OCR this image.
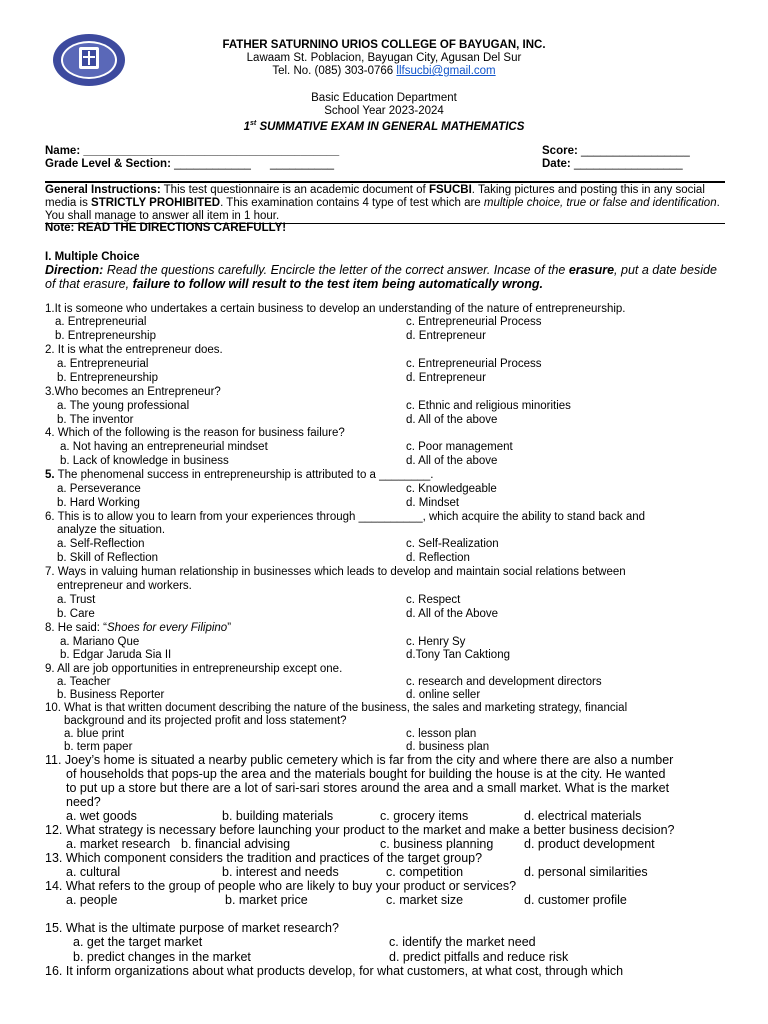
FATHER SATURNINO URIOS COLLEGE OF BAYUGAN, INC.
Lawaam St. Poblacion, Bayugan City, Agusan Del Sur
Tel. No. (085) 303-0766 llfsucbi@gmail.com
Basic Education Department
School Year 2023-2024
1st SUMMATIVE EXAM IN GENERAL MATHEMATICS
Name: ________________________________________	Score: _________________
Grade Level & Section: ____________ __________	Date: _________________
General Instructions: This test questionnaire is an academic document of FSUCBI. Taking pictures and posting this in any social
media is STRICTLY PROHIBITED. This examination contains 4 type of test which are multiple choice, true or false and identification.
You shall manage to answer all item in 1 hour.
Note: READ THE DIRECTIONS CAREFULLY!
I. Multiple Choice
Direction: Read the questions carefully. Encircle the letter of the correct answer. Incase of the erasure, put a date beside
of that erasure, failure to follow will result to the test item being automatically wrong.
1.It is someone who undertakes a certain business to develop an understanding of the nature of entrepreneurship.
a. Entrepreneurial	c. Entrepreneurial Process
b. Entrepreneurship	d. Entrepreneur
2. It is what the entrepreneur does.
a. Entrepreneurial	c. Entrepreneurial Process
b. Entrepreneurship	d. Entrepreneur
3.Who becomes an Entrepreneur?
a. The young professional	c. Ethnic and religious minorities
b. The inventor	d. All of the above
4. Which of the following is the reason for business failure?
a. Not having an entrepreneurial mindset	c. Poor management
b. Lack of knowledge in business	d. All of the above
5. The phenomenal success in entrepreneurship is attributed to a ________.
a. Perseverance	c. Knowledgeable
b. Hard Working	d. Mindset
6. This is to allow you to learn from your experiences through __________, which acquire the ability to stand back and
analyze the situation.
a. Self-Reflection	c. Self-Realization
b. Skill of Reflection	d. Reflection
7. Ways in valuing human relationship in businesses which leads to develop and maintain social relations between
entrepreneur and workers.
a. Trust	c. Respect
b. Care	d. All of the Above
8. He said: “Shoes for every Filipino”
a. Mariano Que	c. Henry Sy
b. Edgar Jaruda Sia II	d.Tony Tan Caktiong
9. All are job opportunities in entrepreneurship except one.
a. Teacher	c. research and development directors
b. Business Reporter	d. online seller
10. What is that written document describing the nature of the business, the sales and marketing strategy, financial
background and its projected profit and loss statement?
a. blue print	c. lesson plan
b. term paper	d. business plan
11. Joey’s home is situated a nearby public cemetery which is far from the city and where there are also a number
of households that pops-up the area and the materials bought for building the house is at the city. He wanted
to put up a store but there are a lot of sari-sari stores around the area and a small market. What is the market
need?
a. wet goods	b. building materials	c. grocery items	d. electrical materials
12. What strategy is necessary before launching your product to the market and make a better business decision?
a. market research b. financial advising	c. business planning d. product development
13. Which component considers the tradition and practices of the target group?
a. cultural	b. interest and needs	c. competition	d. personal similarities
14. What refers to the group of people who are likely to buy your product or services?
a. people	b. market price	c. market size	d. customer profile
15. What is the ultimate purpose of market research?
a. get the target market	c. identify the market need
b. predict changes in the market	d. predict pitfalls and reduce risk
16. It inform organizations about what products develop, for what customers, at what cost, through which
